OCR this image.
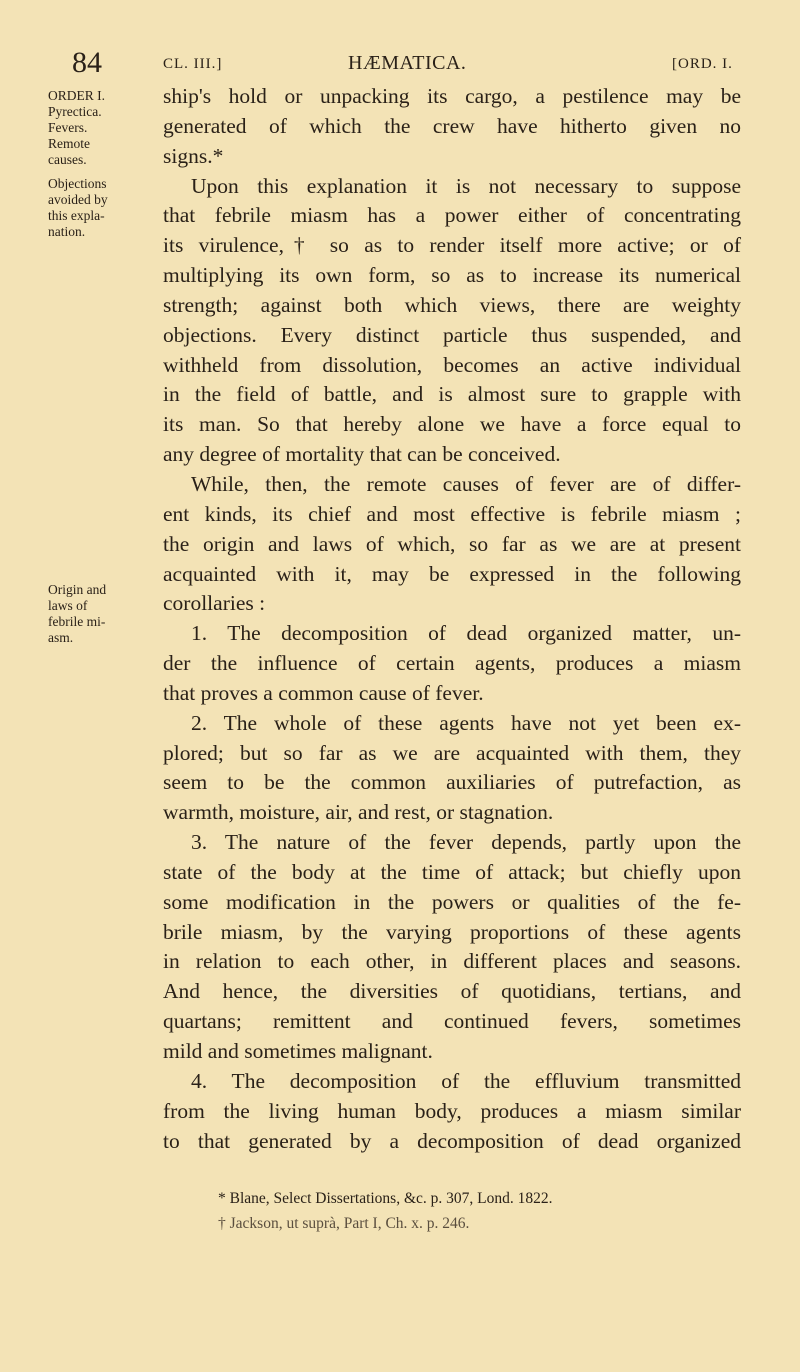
84	CL. III.]	HÆMATICA.	[ORD. I.
ORDER I.
Pyrectica.
Fevers.
Remote
causes.
Objections
avoided by
this expla-
nation.
Origin and
laws of
febrile mi-
asm.
ship's hold or unpacking its cargo, a pestilence may be
generated of which the crew have hitherto given no
signs.*
Upon this explanation it is not necessary to suppose
that febrile miasm has a power either of concentrating
its virulence,† so as to render itself more active; or of
multiplying its own form, so as to increase its numerical
strength; against both which views, there are weighty
objections. Every distinct particle thus suspended, and
withheld from dissolution, becomes an active individual
in the field of battle, and is almost sure to grapple with
its man. So that hereby alone we have a force equal to
any degree of mortality that can be conceived.
While, then, the remote causes of fever are of differ-
ent kinds, its chief and most effective is febrile miasm ;
the origin and laws of which, so far as we are at present
acquainted with it, may be expressed in the following
corollaries :
1. The decomposition of dead organized matter, un-
der the influence of certain agents, produces a miasm
that proves a common cause of fever.
2. The whole of these agents have not yet been ex-
plored; but so far as we are acquainted with them, they
seem to be the common auxiliaries of putrefaction, as
warmth, moisture, air, and rest, or stagnation.
3. The nature of the fever depends, partly upon the
state of the body at the time of attack; but chiefly upon
some modification in the powers or qualities of the fe-
brile miasm, by the varying proportions of these agents
in relation to each other, in different places and seasons.
And hence, the diversities of quotidians, tertians, and
quartans; remittent and continued fevers, sometimes
mild and sometimes malignant.
4. The decomposition of the effluvium transmitted
from the living human body, produces a miasm similar
to that generated by a decomposition of dead organized
* Blane, Select Dissertations, &c. p. 307, Lond. 1822.
† Jackson, ut suprà, Part I, Ch. x. p. 246.
